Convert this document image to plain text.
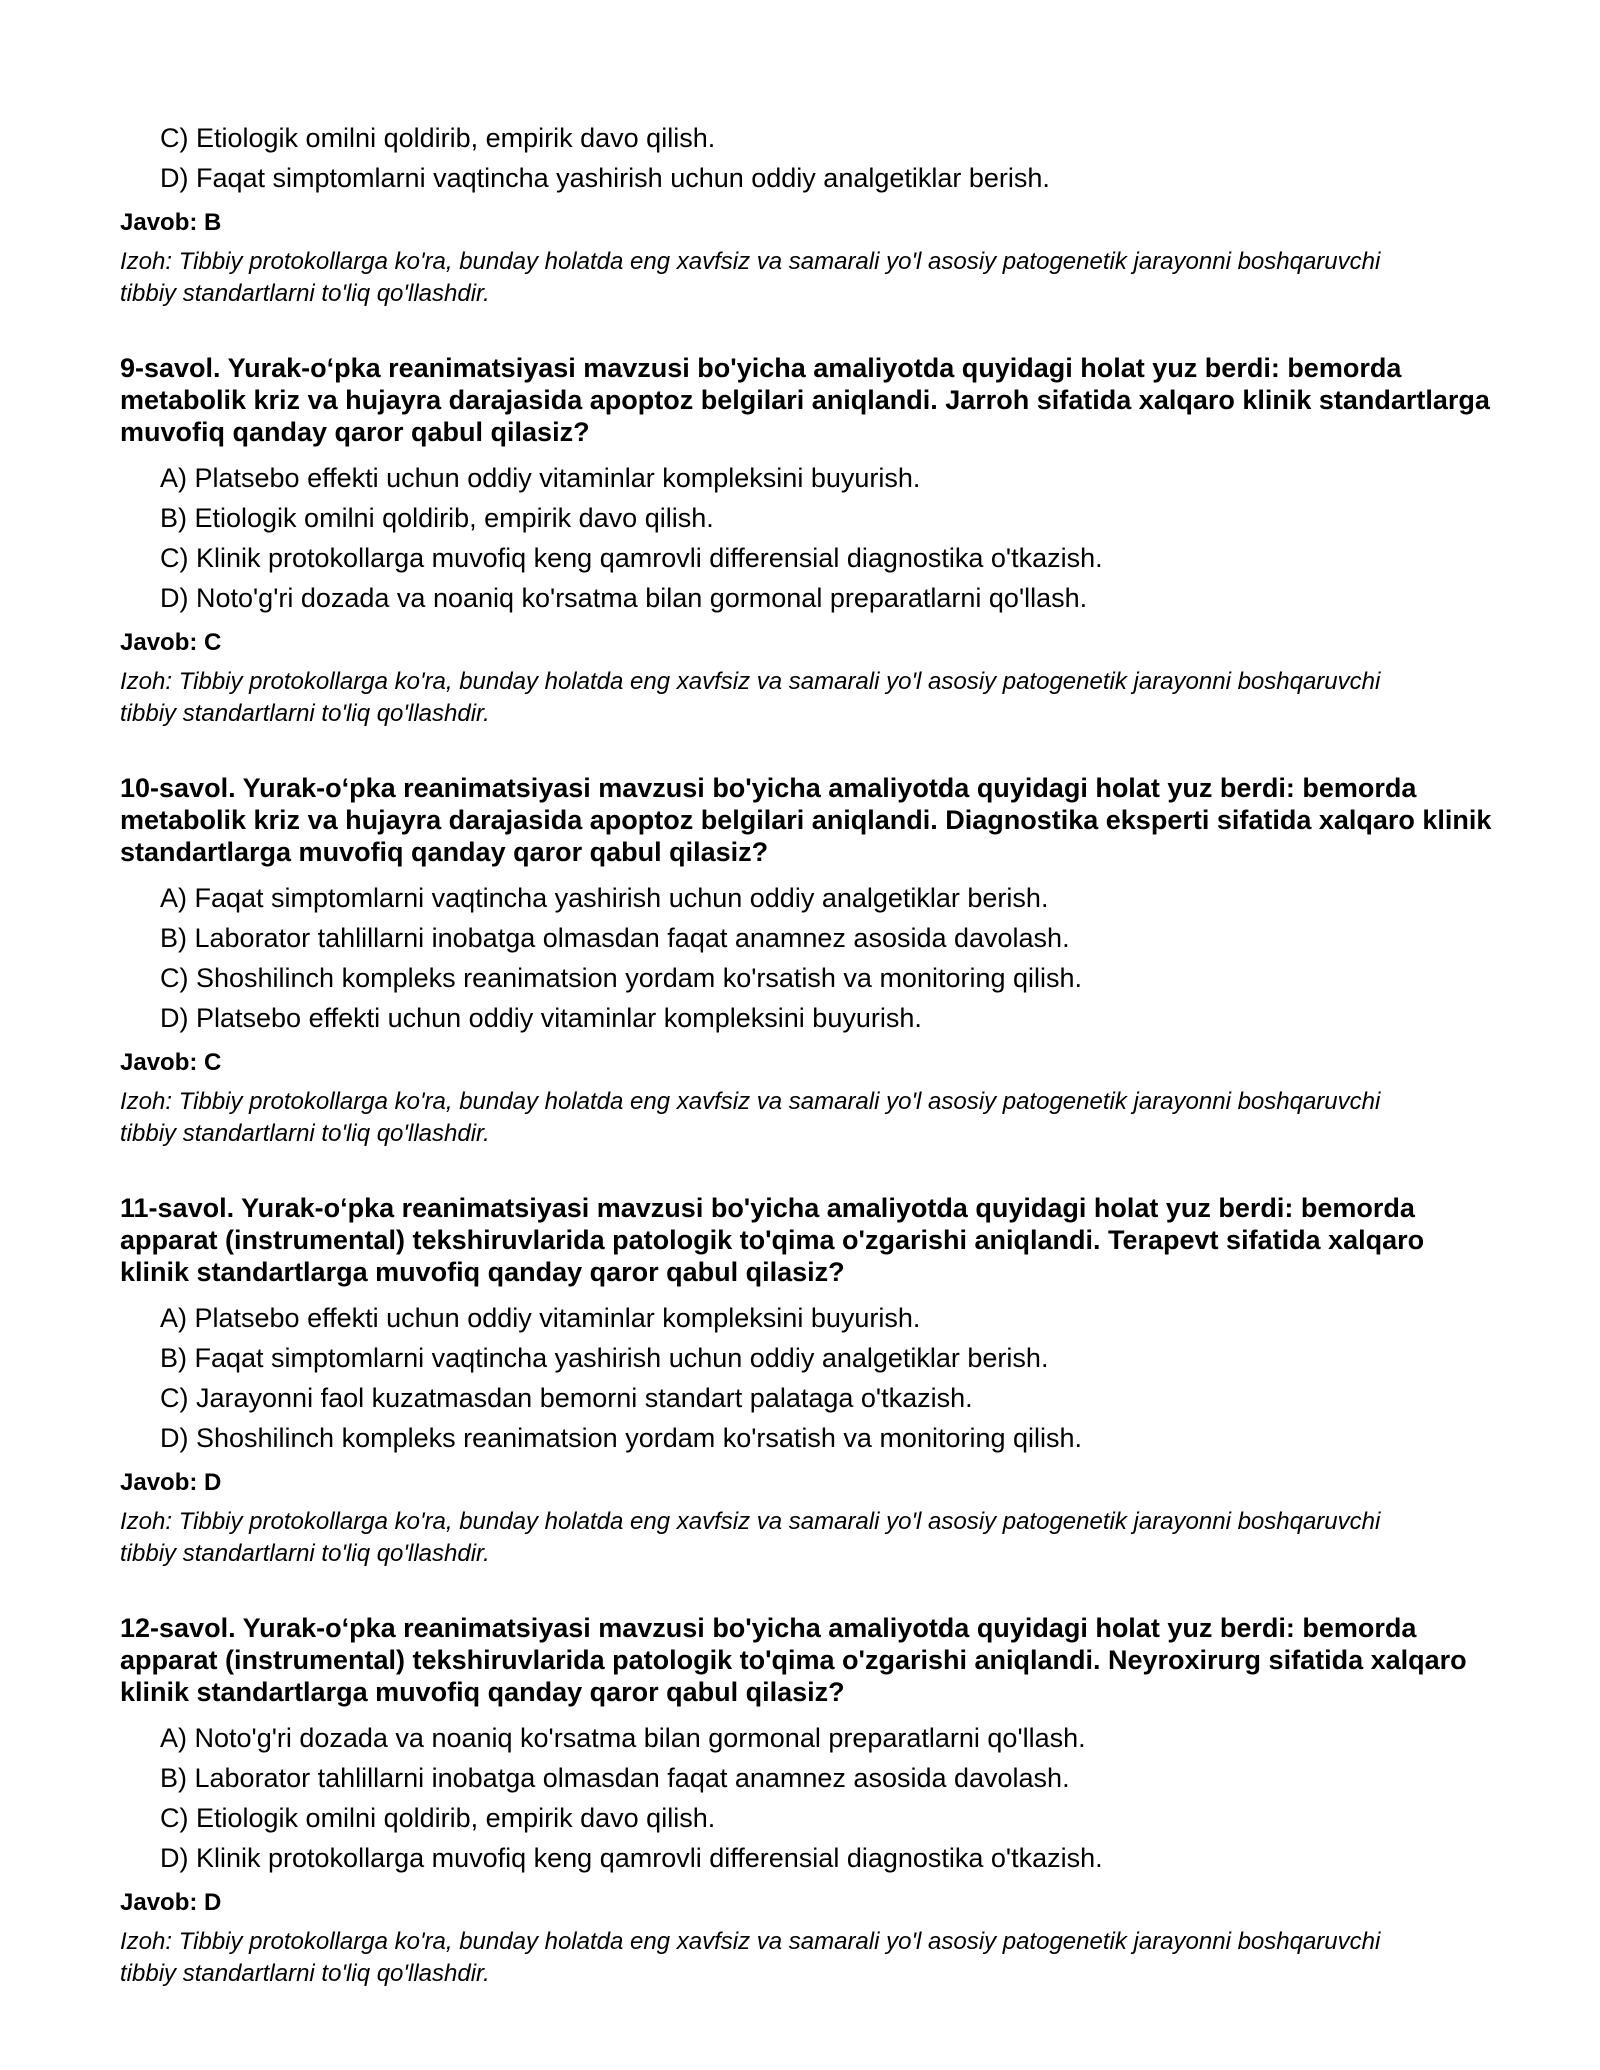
C) Etiologik omilni qoldirib, empirik davo qilish.
D) Faqat simptomlarni vaqtincha yashirish uchun oddiy analgetiklar berish.
Javob: B
Izoh: Tibbiy protokollarga ko'ra, bunday holatda eng xavfsiz va samarali yo'l asosiy patogenetik jarayonni boshqaruvchi tibbiy standartlarni to'liq qo'llashdir.
9-savol. Yurak-o‘pka reanimatsiyasi mavzusi bo'yicha amaliyotda quyidagi holat yuz berdi: bemorda metabolik kriz va hujayra darajasida apoptoz belgilari aniqlandi. Jarroh sifatida xalqaro klinik standartlarga muvofiq qanday qaror qabul qilasiz?
A) Platsebo effekti uchun oddiy vitaminlar kompleksini buyurish.
B) Etiologik omilni qoldirib, empirik davo qilish.
C) Klinik protokollarga muvofiq keng qamrovli differensial diagnostika o'tkazish.
D) Noto'g'ri dozada va noaniq ko'rsatma bilan gormonal preparatlarni qo'llash.
Javob: C
Izoh: Tibbiy protokollarga ko'ra, bunday holatda eng xavfsiz va samarali yo'l asosiy patogenetik jarayonni boshqaruvchi tibbiy standartlarni to'liq qo'llashdir.
10-savol. Yurak-o‘pka reanimatsiyasi mavzusi bo'yicha amaliyotda quyidagi holat yuz berdi: bemorda metabolik kriz va hujayra darajasida apoptoz belgilari aniqlandi. Diagnostika eksperti sifatida xalqaro klinik standartlarga muvofiq qanday qaror qabul qilasiz?
A) Faqat simptomlarni vaqtincha yashirish uchun oddiy analgetiklar berish.
B) Laborator tahlillarni inobatga olmasdan faqat anamnez asosida davolash.
C) Shoshilinch kompleks reanimatsion yordam ko'rsatish va monitoring qilish.
D) Platsebo effekti uchun oddiy vitaminlar kompleksini buyurish.
Javob: C
Izoh: Tibbiy protokollarga ko'ra, bunday holatda eng xavfsiz va samarali yo'l asosiy patogenetik jarayonni boshqaruvchi tibbiy standartlarni to'liq qo'llashdir.
11-savol. Yurak-o‘pka reanimatsiyasi mavzusi bo'yicha amaliyotda quyidagi holat yuz berdi: bemorda apparat (instrumental) tekshiruvlarida patologik to'qima o'zgarishi aniqlandi. Terapevt sifatida xalqaro klinik standartlarga muvofiq qanday qaror qabul qilasiz?
A) Platsebo effekti uchun oddiy vitaminlar kompleksini buyurish.
B) Faqat simptomlarni vaqtincha yashirish uchun oddiy analgetiklar berish.
C) Jarayonni faol kuzatmasdan bemorni standart palataga o'tkazish.
D) Shoshilinch kompleks reanimatsion yordam ko'rsatish va monitoring qilish.
Javob: D
Izoh: Tibbiy protokollarga ko'ra, bunday holatda eng xavfsiz va samarali yo'l asosiy patogenetik jarayonni boshqaruvchi tibbiy standartlarni to'liq qo'llashdir.
12-savol. Yurak-o‘pka reanimatsiyasi mavzusi bo'yicha amaliyotda quyidagi holat yuz berdi: bemorda apparat (instrumental) tekshiruvlarida patologik to'qima o'zgarishi aniqlandi. Neyroxirurg sifatida xalqaro klinik standartlarga muvofiq qanday qaror qabul qilasiz?
A) Noto'g'ri dozada va noaniq ko'rsatma bilan gormonal preparatlarni qo'llash.
B) Laborator tahlillarni inobatga olmasdan faqat anamnez asosida davolash.
C) Etiologik omilni qoldirib, empirik davo qilish.
D) Klinik protokollarga muvofiq keng qamrovli differensial diagnostika o'tkazish.
Javob: D
Izoh: Tibbiy protokollarga ko'ra, bunday holatda eng xavfsiz va samarali yo'l asosiy patogenetik jarayonni boshqaruvchi tibbiy standartlarni to'liq qo'llashdir.
